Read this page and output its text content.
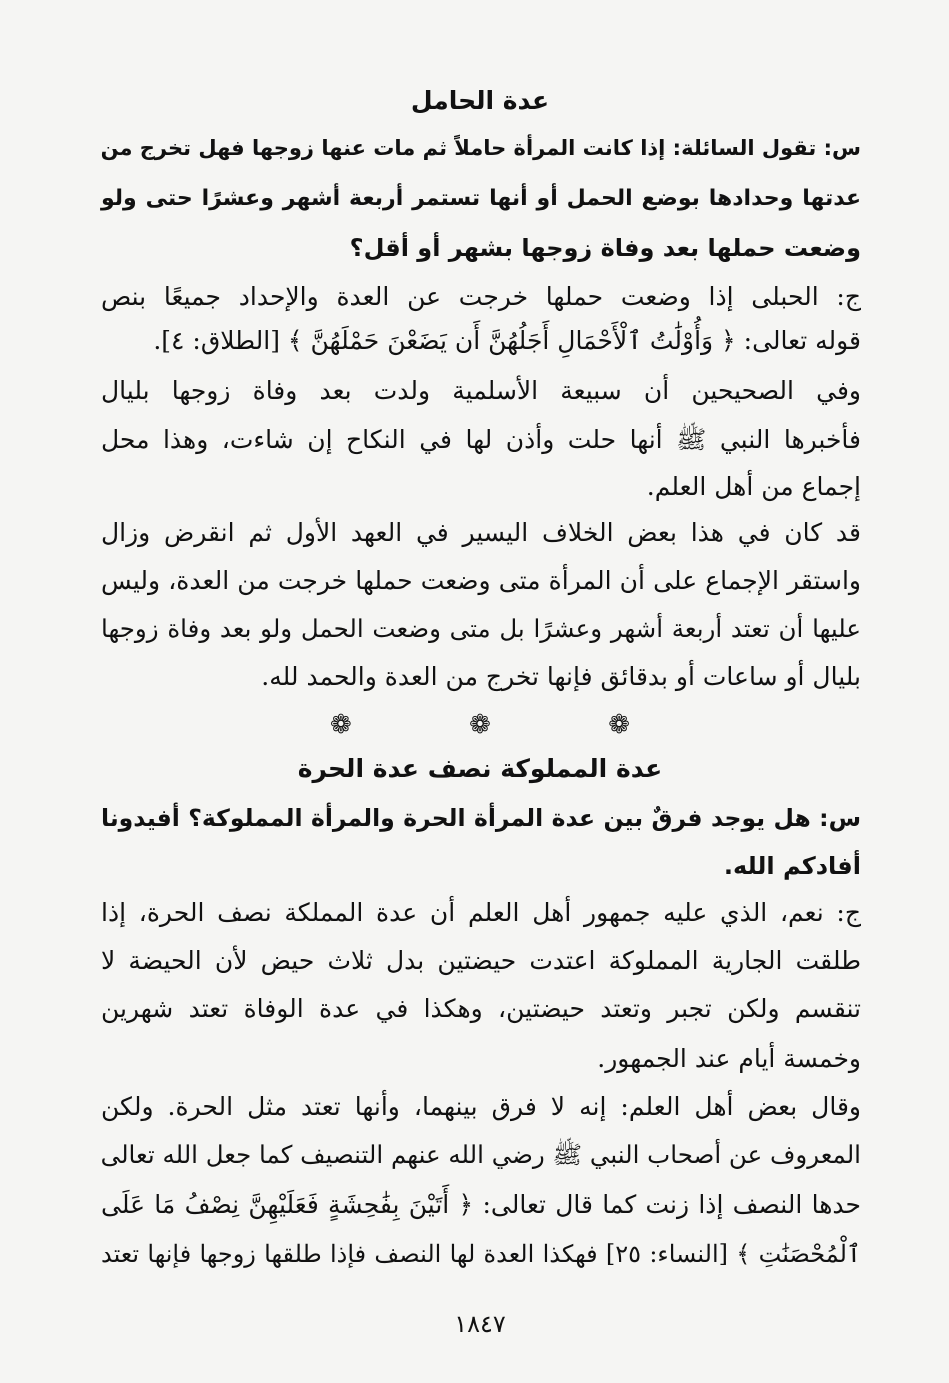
عدة الحامل
س: تقول السائلة: إذا كانت المرأة حاملاً ثم مات عنها زوجها فهل تخرج من
عدتها وحدادها بوضع الحمل أو أنها تستمر أربعة أشهر وعشرًا حتى ولو
وضعت حملها بعد وفاة زوجها بشهر أو أقل؟
ج: الحبلى إذا وضعت حملها خرجت عن العدة والإحداد جميعًا بنص
قوله تعالى: ﴿ وَأُوْلَٰتُ ٱلْأَحْمَالِ أَجَلُهُنَّ أَن يَضَعْنَ حَمْلَهُنَّ ﴾ [الطلاق: ٤].
وفي الصحيحين أن سبيعة الأسلمية ولدت بعد وفاة زوجها بليال
فأخبرها النبي ﷺ أنها حلت وأذن لها في النكاح إن شاءت، وهذا محل
إجماع من أهل العلم.
قد كان في هذا بعض الخلاف اليسير في العهد الأول ثم انقرض وزال
واستقر الإجماع على أن المرأة متى وضعت حملها خرجت من العدة، وليس
عليها أن تعتد أربعة أشهر وعشرًا بل متى وضعت الحمل ولو بعد وفاة زوجها
بليال أو ساعات أو بدقائق فإنها تخرج من العدة والحمد لله.
❁
❁
❁
عدة المملوكة نصف عدة الحرة
س: هل يوجد فرقٌ بين عدة المرأة الحرة والمرأة المملوكة؟ أفيدونا
أفادكم الله.
ج: نعم، الذي عليه جمهور أهل العلم أن عدة المملكة نصف الحرة، إذا
طلقت الجارية المملوكة اعتدت حيضتين بدل ثلاث حيض لأن الحيضة لا
تنقسم ولكن تجبر وتعتد حيضتين، وهكذا في عدة الوفاة تعتد شهرين
وخمسة أيام عند الجمهور.
وقال بعض أهل العلم: إنه لا فرق بينهما، وأنها تعتد مثل الحرة. ولكن
المعروف عن أصحاب النبي ﷺ رضي الله عنهم التنصيف كما جعل الله تعالى
حدها النصف إذا زنت كما قال تعالى: ﴿ أَتَيْنَ بِفَٰحِشَةٍ فَعَلَيْهِنَّ نِصْفُ مَا عَلَى
ٱلْمُحْصَنَٰتِ ﴾ [النساء: ٢٥] فهكذا العدة لها النصف فإذا طلقها زوجها فإنها تعتد
١٨٤٧
